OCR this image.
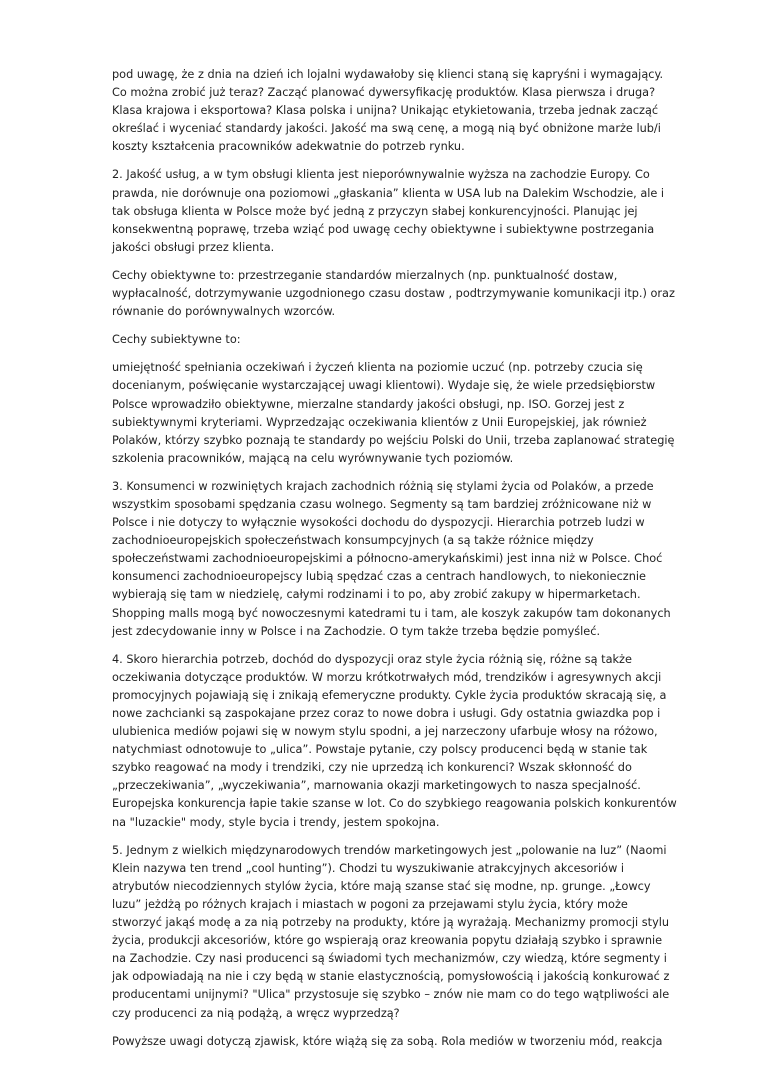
pod uwagę, że z dnia na dzień ich lojalni wydawałoby się klienci staną się kapryśni i wymagający.
Co można zrobić już teraz? Zacząć planować dywersyfikację produktów. Klasa pierwsza i druga?
Klasa krajowa i eksportowa? Klasa polska i unijna? Unikając etykietowania, trzeba jednak zacząć
określać i wyceniać standardy jakości. Jakość ma swą cenę, a mogą nią być obniżone marże lub/i
koszty kształcenia pracowników adekwatnie do potrzeb rynku.

2. Jakość usług, a w tym obsługi klienta jest nieporównywalnie wyższa na zachodzie Europy. Co
prawda, nie dorównuje ona poziomowi „głaskania” klienta w USA lub na Dalekim Wschodzie, ale i
tak obsługa klienta w Polsce może być jedną z przyczyn słabej konkurencyjności. Planując jej
konsekwentną poprawę, trzeba wziąć pod uwagę cechy obiektywne i subiektywne postrzegania
jakości obsługi przez klienta.

Cechy obiektywne to: przestrzeganie standardów mierzalnych (np. punktualność dostaw,
wypłacalność, dotrzymywanie uzgodnionego czasu dostaw , podtrzymywanie komunikacji itp.) oraz
równanie do porównywalnych wzorców.

Cechy subiektywne to:

umiejętność spełniania oczekiwań i życzeń klienta na poziomie uczuć (np. potrzeby czucia się
docenianym, poświęcanie wystarczającej uwagi klientowi). Wydaje się, że wiele przedsiębiorstw
Polsce wprowadziło obiektywne, mierzalne standardy jakości obsługi, np. ISO. Gorzej jest z
subiektywnymi kryteriami. Wyprzedzając oczekiwania klientów z Unii Europejskiej, jak również
Polaków, którzy szybko poznają te standardy po wejściu Polski do Unii, trzeba zaplanować strategię
szkolenia pracowników, mającą na celu wyrównywanie tych poziomów.

3. Konsumenci w rozwiniętych krajach zachodnich różnią się stylami życia od Polaków, a przede
wszystkim sposobami spędzania czasu wolnego. Segmenty są tam bardziej zróżnicowane niż w
Polsce i nie dotyczy to wyłącznie wysokości dochodu do dyspozycji. Hierarchia potrzeb ludzi w
zachodnioeuropejskich społeczeństwach konsumpcyjnych (a są także różnice między
społeczeństwami zachodnioeuropejskimi a północno-amerykańskimi) jest inna niż w Polsce. Choć
konsumenci zachodnioeuropejscy lubią spędzać czas a centrach handlowych, to niekoniecznie
wybierają się tam w niedzielę, całymi rodzinami i to po, aby zrobić zakupy w hipermarketach.
Shopping malls mogą być nowoczesnymi katedrami tu i tam, ale koszyk zakupów tam dokonanych
jest zdecydowanie inny w Polsce i na Zachodzie. O tym także trzeba będzie pomyśleć.

4. Skoro hierarchia potrzeb, dochód do dyspozycji oraz style życia różnią się, różne są także
oczekiwania dotyczące produktów. W morzu krótkotrwałych mód, trendzików i agresywnych akcji
promocyjnych pojawiają się i znikają efemeryczne produkty. Cykle życia produktów skracają się, a
nowe zachcianki są zaspokajane przez coraz to nowe dobra i usługi. Gdy ostatnia gwiazdka pop i
ulubienica mediów pojawi się w nowym stylu spodni, a jej narzeczony ufarbuje włosy na różowo,
natychmiast odnotowuje to „ulica”. Powstaje pytanie, czy polscy producenci będą w stanie tak
szybko reagować na mody i trendziki, czy nie uprzedzą ich konkurenci? Wszak skłonność do
„przeczekiwania”, „wyczekiwania”, marnowania okazji marketingowych to nasza specjalność.
Europejska konkurencja łapie takie szanse w lot. Co do szybkiego reagowania polskich konkurentów
na "luzackie" mody, style bycia i trendy, jestem spokojna.

5. Jednym z wielkich międzynarodowych trendów marketingowych jest „polowanie na luz” (Naomi
Klein nazywa ten trend „cool hunting”). Chodzi tu wyszukiwanie atrakcyjnych akcesoriów i
atrybutów niecodziennych stylów życia, które mają szanse stać się modne, np. grunge. „Łowcy
luzu” jeżdżą po różnych krajach i miastach w pogoni za przejawami stylu życia, który może
stworzyć jakąś modę a za nią potrzeby na produkty, które ją wyrażają. Mechanizmy promocji stylu
życia, produkcji akcesoriów, które go wspierają oraz kreowania popytu działają szybko i sprawnie
na Zachodzie. Czy nasi producenci są świadomi tych mechanizmów, czy wiedzą, które segmenty i
jak odpowiadają na nie i czy będą w stanie elastycznością, pomysłowością i jakością konkurować z
producentami unijnymi? "Ulica" przystosuje się szybko – znów nie mam co do tego wątpliwości ale
czy producenci za nią podążą, a wręcz wyprzedzą?

Powyższe uwagi dotyczą zjawisk, które wiążą się za sobą. Rola mediów w tworzeniu mód, reakcja
